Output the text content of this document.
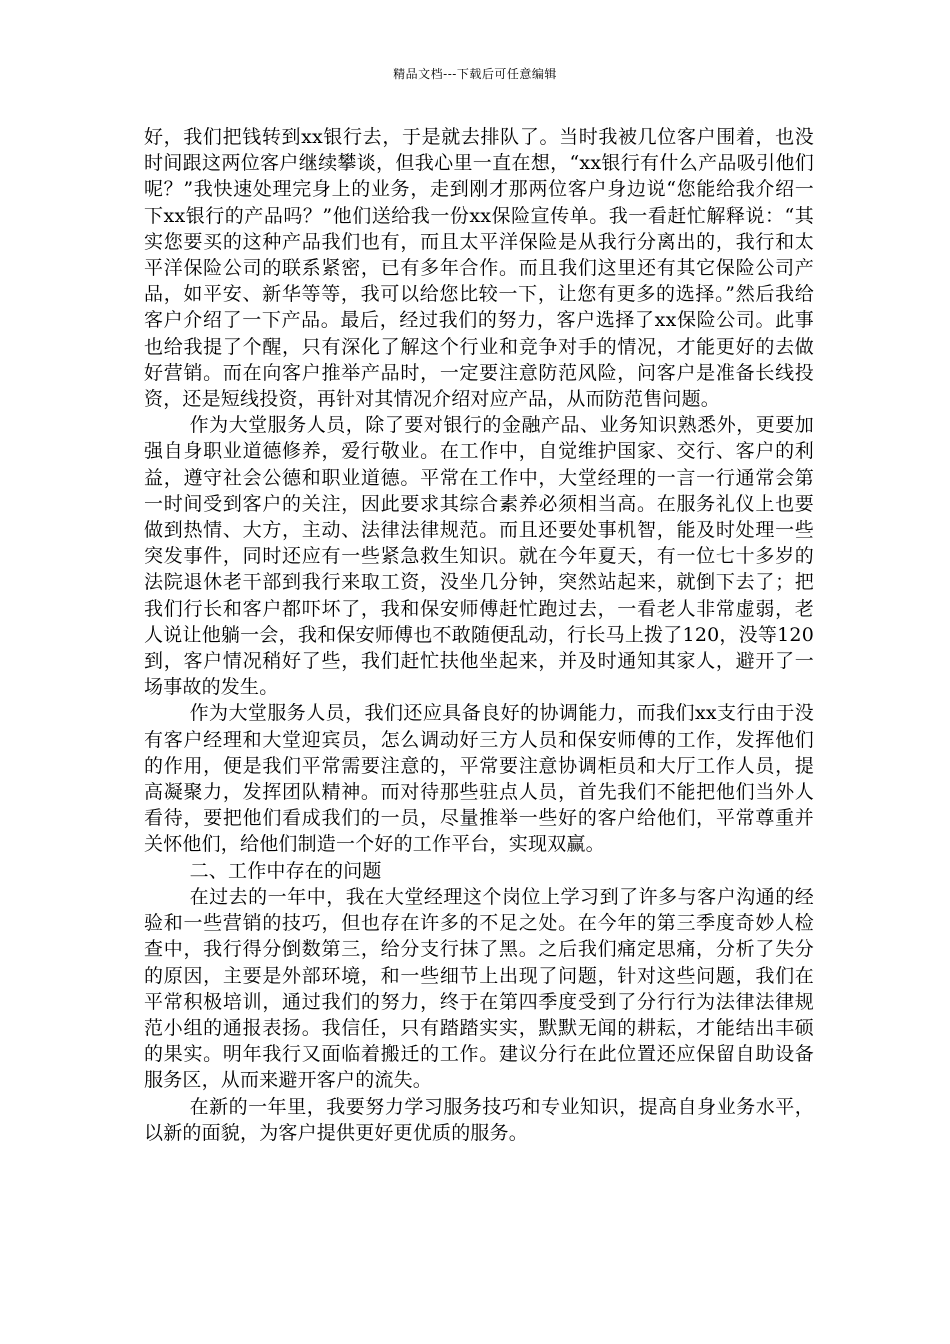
精品文档---下载后可任意编辑

好，我们把钱转到xx银行去，于是就去排队了。当时我被几位客户围着，也没时间跟这两位客户继续攀谈，但我心里一直在想，“xx银行有什么产品吸引他们呢？”我快速处理完身上的业务，走到刚才那两位客户身边说“您能给我介绍一下xx银行的产品吗？”他们送给我一份xx保险宣传单。我一看赶忙解释说：“其实您要买的这种产品我们也有，而且太平洋保险是从我行分离出的，我行和太平洋保险公司的联系紧密，已有多年合作。而且我们这里还有其它保险公司产品，如平安、新华等等，我可以给您比较一下，让您有更多的选择。”然后我给客户介绍了一下产品。最后，经过我们的努力，客户选择了xx保险公司。此事也给我提了个醒，只有深化了解这个行业和竞争对手的情况，才能更好的去做好营销。而在向客户推举产品时，一定要注意防范风险，问客户是准备长线投资，还是短线投资，再针对其情况介绍对应产品，从而防范售问题。

作为大堂服务人员，除了要对银行的金融产品、业务知识熟悉外，更要加强自身职业道德修养，爱行敬业。在工作中，自觉维护国家、交行、客户的利益，遵守社会公德和职业道德。平常在工作中，大堂经理的一言一行通常会第一时间受到客户的关注，因此要求其综合素养必须相当高。在服务礼仪上也要做到热情、大方，主动、法律法律规范。而且还要处事机智，能及时处理一些突发事件，同时还应有一些紧急救生知识。就在今年夏天，有一位七十多岁的法院退休老干部到我行来取工资，没坐几分钟，突然站起来，就倒下去了；把我们行长和客户都吓坏了，我和保安师傅赶忙跑过去，一看老人非常虚弱，老人说让他躺一会，我和保安师傅也不敢随便乱动，行长马上拨了120，没等120到，客户情况稍好了些，我们赶忙扶他坐起来，并及时通知其家人，避开了一场事故的发生。

作为大堂服务人员，我们还应具备良好的协调能力，而我们xx支行由于没有客户经理和大堂迎宾员，怎么调动好三方人员和保安师傅的工作，发挥他们的作用，便是我们平常需要注意的，平常要注意协调柜员和大厅工作人员，提高凝聚力，发挥团队精神。而对待那些驻点人员，首先我们不能把他们当外人看待，要把他们看成我们的一员，尽量推举一些好的客户给他们，平常尊重并关怀他们，给他们制造一个好的工作平台，实现双赢。

二、工作中存在的问题

在过去的一年中，我在大堂经理这个岗位上学习到了许多与客户沟通的经验和一些营销的技巧，但也存在许多的不足之处。在今年的第三季度奇妙人检查中，我行得分倒数第三，给分支行抹了黑。之后我们痛定思痛，分析了失分的原因，主要是外部环境，和一些细节上出现了问题，针对这些问题，我们在平常积极培训，通过我们的努力，终于在第四季度受到了分行行为法律法律规范小组的通报表扬。我信任，只有踏踏实实，默默无闻的耕耘，才能结出丰硕的果实。明年我行又面临着搬迁的工作。建议分行在此位置还应保留自助设备服务区，从而来避开客户的流失。

在新的一年里，我要努力学习服务技巧和专业知识，提高自身业务水平，以新的面貌，为客户提供更好更优质的服务。
